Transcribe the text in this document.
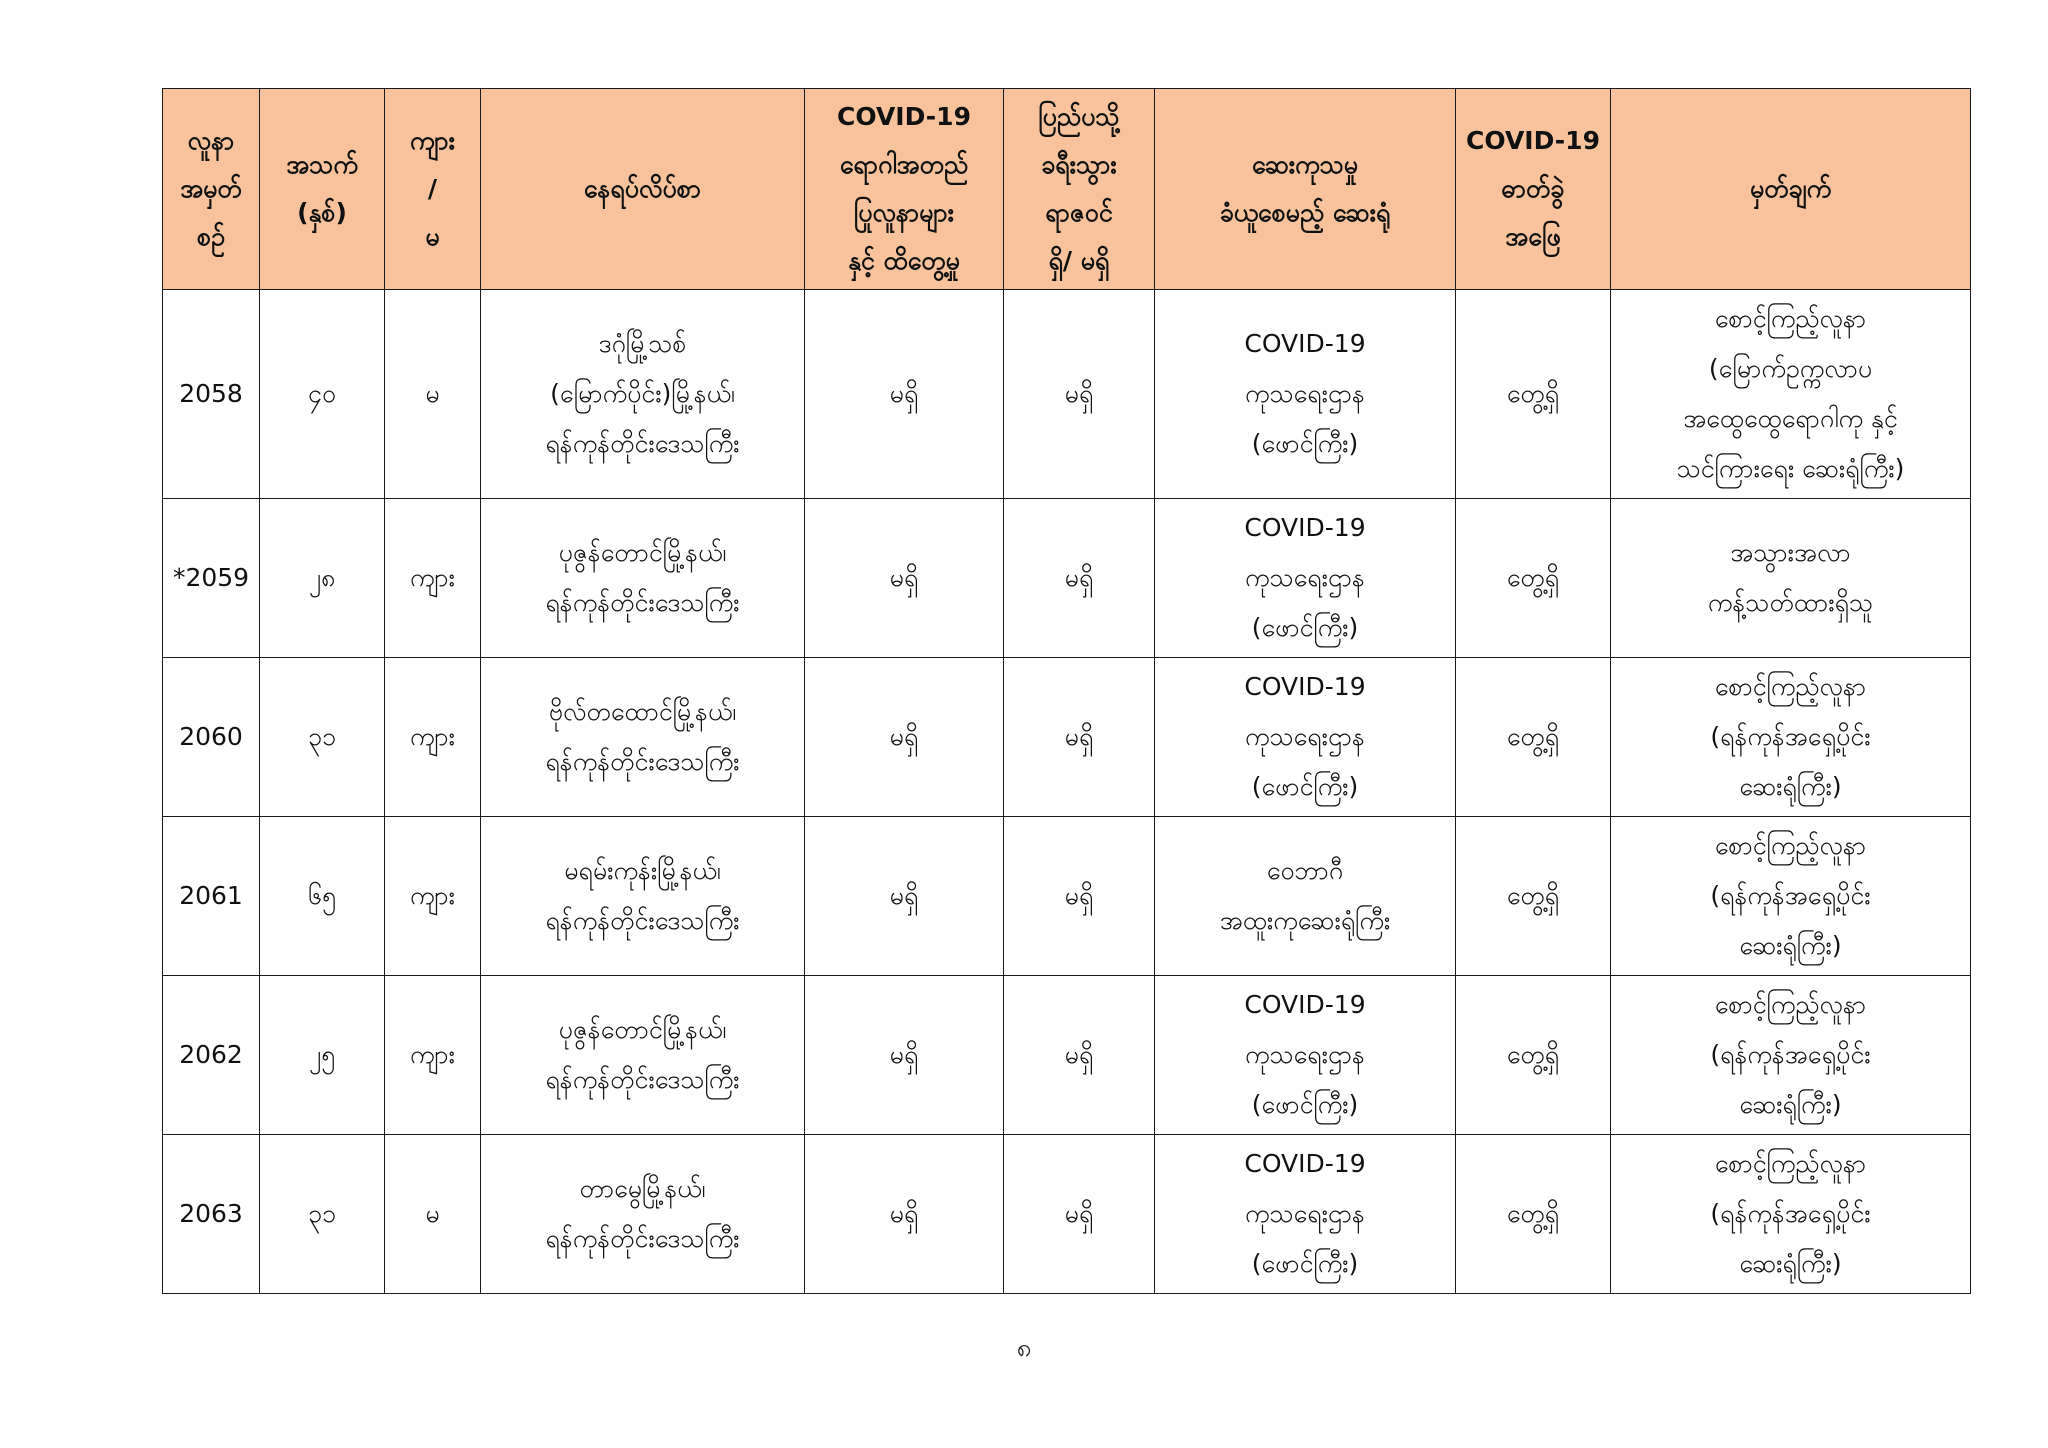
လူနာ
အမှတ်
စဉ်	အသက်
(နှစ်)	ကျား
/
မ	နေရပ်လိပ်စာ	COVID-19
ရောဂါအတည်
ပြုလူနာများ
နှင့် ထိတွေ့မှု	ပြည်ပသို့
ခရီးသွား
ရာဇဝင်
ရှိ/ မရှိ	ဆေးကုသမှု
ခံယူစေမည့် ဆေးရုံ	COVID-19
ဓာတ်ခွဲ
အဖြေ	မှတ်ချက်

2058	၄၀	မ	ဒဂုံမြို့သစ်
(မြောက်ပိုင်း)မြို့နယ်၊
ရန်ကုန်တိုင်းဒေသကြီး	မရှိ	မရှိ	COVID-19
ကုသရေးဌာန
(ဖောင်ကြီး)	တွေ့ရှိ	စောင့်ကြည့်လူနာ
(မြောက်ဥက္ကလာပ
အထွေထွေရောဂါကု နှင့်
သင်ကြားရေး ဆေးရုံကြီး)

*2059	၂၈	ကျား	ပုဇွန်တောင်မြို့နယ်၊
ရန်ကုန်တိုင်းဒေသကြီး	မရှိ	မရှိ	COVID-19
ကုသရေးဌာန
(ဖောင်ကြီး)	တွေ့ရှိ	အသွားအလာ
ကန့်သတ်ထားရှိသူ

2060	၃၁	ကျား	ဗိုလ်တထောင်မြို့နယ်၊
ရန်ကုန်တိုင်းဒေသကြီး	မရှိ	မရှိ	COVID-19
ကုသရေးဌာန
(ဖောင်ကြီး)	တွေ့ရှိ	စောင့်ကြည့်လူနာ
(ရန်ကုန်အရှေ့ပိုင်း
ဆေးရုံကြီး)

2061	၆၅	ကျား	မရမ်းကုန်းမြို့နယ်၊
ရန်ကုန်တိုင်းဒေသကြီး	မရှိ	မရှိ	ဝေဘာဂီ
အထူးကုဆေးရုံကြီး	တွေ့ရှိ	စောင့်ကြည့်လူနာ
(ရန်ကုန်အရှေ့ပိုင်း
ဆေးရုံကြီး)

2062	၂၅	ကျား	ပုဇွန်တောင်မြို့နယ်၊
ရန်ကုန်တိုင်းဒေသကြီး	မရှိ	မရှိ	COVID-19
ကုသရေးဌာန
(ဖောင်ကြီး)	တွေ့ရှိ	စောင့်ကြည့်လူနာ
(ရန်ကုန်အရှေ့ပိုင်း
ဆေးရုံကြီး)

2063	၃၁	မ	တာမွေမြို့နယ်၊
ရန်ကုန်တိုင်းဒေသကြီး	မရှိ	မရှိ	COVID-19
ကုသရေးဌာန
(ဖောင်ကြီး)	တွေ့ရှိ	စောင့်ကြည့်လူနာ
(ရန်ကုန်အရှေ့ပိုင်း
ဆေးရုံကြီး)
၈
